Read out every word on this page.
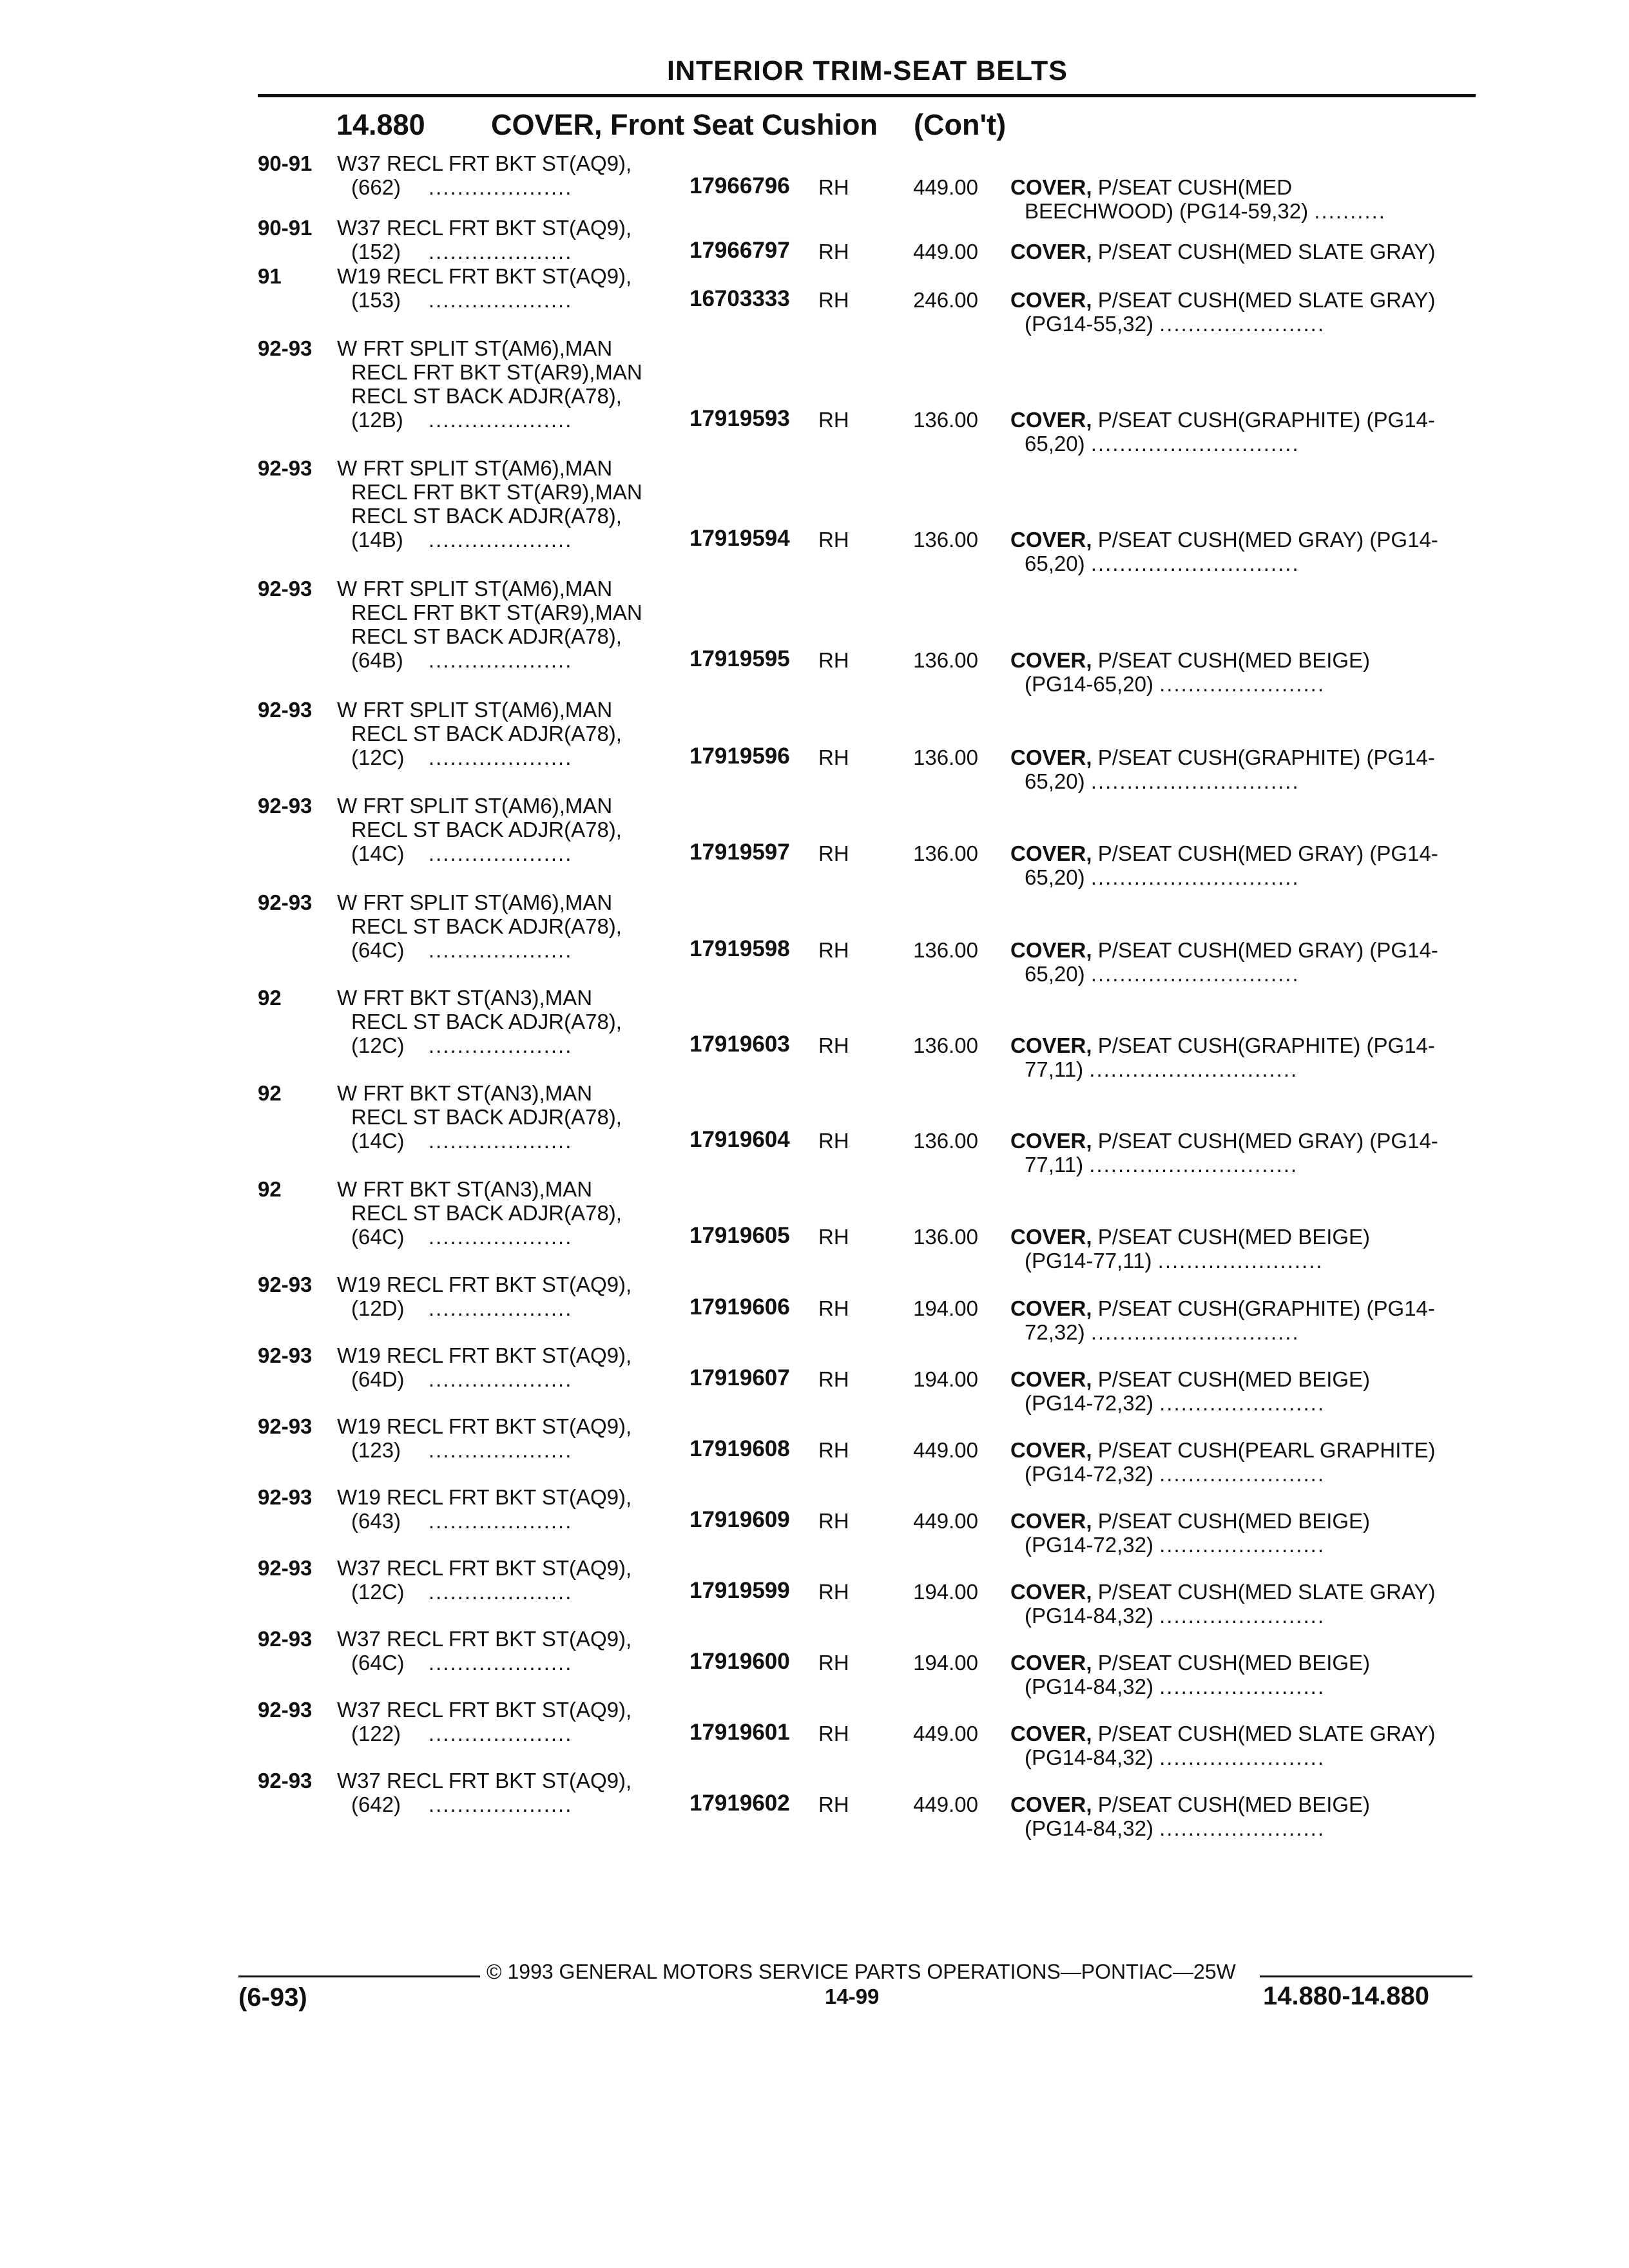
INTERIOR TRIM-SEAT BELTS
14.880 COVER, Front Seat Cushion (Con't)
90-91 W37 RECL FRT BKT ST(AQ9),
(662) ....................	17966796 RH	449.00 COVER, P/SEAT CUSH(MED
BEECHWOOD) (PG14-59,32) ..........
90-91 W37 RECL FRT BKT ST(AQ9),
(152) ....................	17966797 RH	449.00 COVER, P/SEAT CUSH(MED SLATE GRAY)
91	W19 RECL FRT BKT ST(AQ9),
(153) ....................	16703333 RH	246.00 COVER, P/SEAT CUSH(MED SLATE GRAY)
(PG14-55,32) .......................
92-93 W FRT SPLIT ST(AM6),MAN
RECL FRT BKT ST(AR9),MAN
RECL ST BACK ADJR(A78),
(12B) ....................	17919593 RH	136.00 COVER, P/SEAT CUSH(GRAPHITE) (PG14-
65,20) .............................
92-93 W FRT SPLIT ST(AM6),MAN
RECL FRT BKT ST(AR9),MAN
RECL ST BACK ADJR(A78),
(14B) ....................	17919594 RH	136.00 COVER, P/SEAT CUSH(MED GRAY) (PG14-
65,20) .............................
92-93 W FRT SPLIT ST(AM6),MAN
RECL FRT BKT ST(AR9),MAN
RECL ST BACK ADJR(A78),
(64B) ....................	17919595 RH	136.00 COVER, P/SEAT CUSH(MED BEIGE)
(PG14-65,20) .......................
92-93 W FRT SPLIT ST(AM6),MAN
RECL ST BACK ADJR(A78),
(12C) ....................	17919596 RH	136.00 COVER, P/SEAT CUSH(GRAPHITE) (PG14-
65,20) .............................
92-93 W FRT SPLIT ST(AM6),MAN
RECL ST BACK ADJR(A78),
(14C) ....................	17919597 RH	136.00 COVER, P/SEAT CUSH(MED GRAY) (PG14-
65,20) .............................
92-93 W FRT SPLIT ST(AM6),MAN
RECL ST BACK ADJR(A78),
(64C) ....................	17919598 RH	136.00 COVER, P/SEAT CUSH(MED GRAY) (PG14-
65,20) .............................
92	W FRT BKT ST(AN3),MAN
RECL ST BACK ADJR(A78),
(12C) ....................	17919603 RH	136.00 COVER, P/SEAT CUSH(GRAPHITE) (PG14-
77,11) .............................
92	W FRT BKT ST(AN3),MAN
RECL ST BACK ADJR(A78),
(14C) ....................	17919604 RH	136.00 COVER, P/SEAT CUSH(MED GRAY) (PG14-
77,11) .............................
92	W FRT BKT ST(AN3),MAN
RECL ST BACK ADJR(A78),
(64C) ....................	17919605 RH	136.00 COVER, P/SEAT CUSH(MED BEIGE)
(PG14-77,11) .......................
92-93 W19 RECL FRT BKT ST(AQ9),
(12D) ....................	17919606 RH	194.00 COVER, P/SEAT CUSH(GRAPHITE) (PG14-
72,32) .............................
92-93 W19 RECL FRT BKT ST(AQ9),
(64D) ....................	17919607 RH	194.00 COVER, P/SEAT CUSH(MED BEIGE)
(PG14-72,32) .......................
92-93 W19 RECL FRT BKT ST(AQ9),
(123) ....................	17919608 RH	449.00 COVER, P/SEAT CUSH(PEARL GRAPHITE)
(PG14-72,32) .......................
92-93 W19 RECL FRT BKT ST(AQ9),
(643) ....................	17919609 RH	449.00 COVER, P/SEAT CUSH(MED BEIGE)
(PG14-72,32) .......................
92-93 W37 RECL FRT BKT ST(AQ9),
(12C) ....................	17919599 RH	194.00 COVER, P/SEAT CUSH(MED SLATE GRAY)
(PG14-84,32) .......................
92-93 W37 RECL FRT BKT ST(AQ9),
(64C) ....................	17919600 RH	194.00 COVER, P/SEAT CUSH(MED BEIGE)
(PG14-84,32) .......................
92-93 W37 RECL FRT BKT ST(AQ9),
(122) ....................	17919601 RH	449.00 COVER, P/SEAT CUSH(MED SLATE GRAY)
(PG14-84,32) .......................
92-93 W37 RECL FRT BKT ST(AQ9),
(642) ....................	17919602 RH	449.00 COVER, P/SEAT CUSH(MED BEIGE)
(PG14-84,32) .......................
© 1993 GENERAL MOTORS SERVICE PARTS OPERATIONS—PONTIAC—25W
(6-93)	14-99	14.880-14.880
